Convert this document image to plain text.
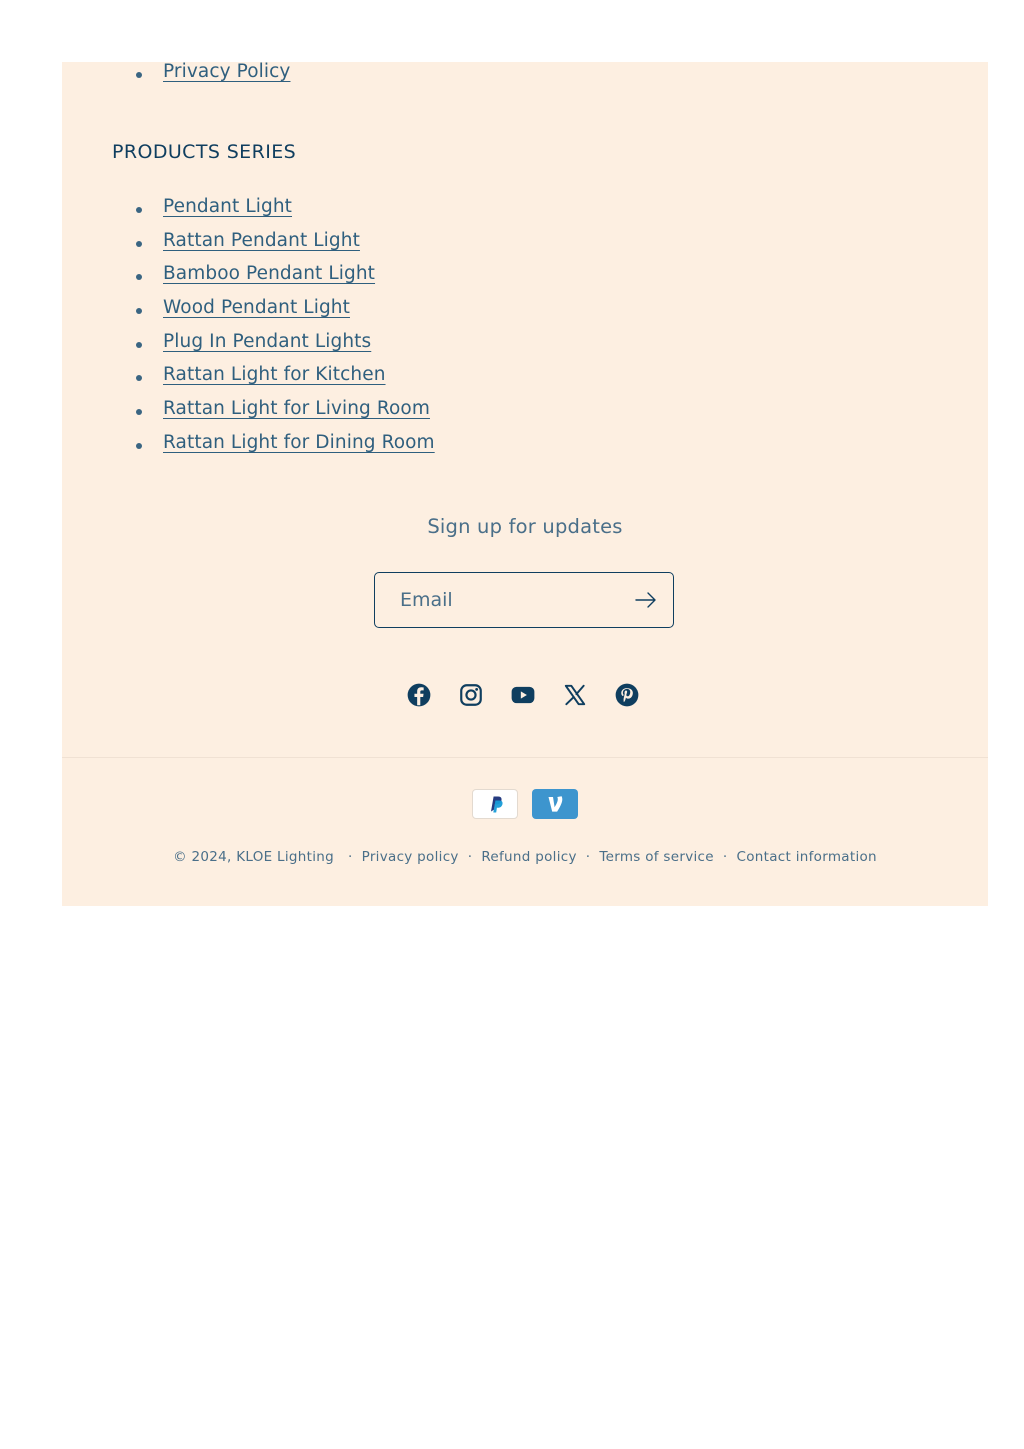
Privacy Policy
PRODUCTS SERIES
Pendant Light
Rattan Pendant Light
Bamboo Pendant Light
Wood Pendant Light
Plug In Pendant Lights
Rattan Light for Kitchen
Rattan Light for Living Room
Rattan Light for Dining Room
Sign up for updates
Email
© 2024, KLOE Lighting · Privacy policy · Refund policy · Terms of service · Contact information
